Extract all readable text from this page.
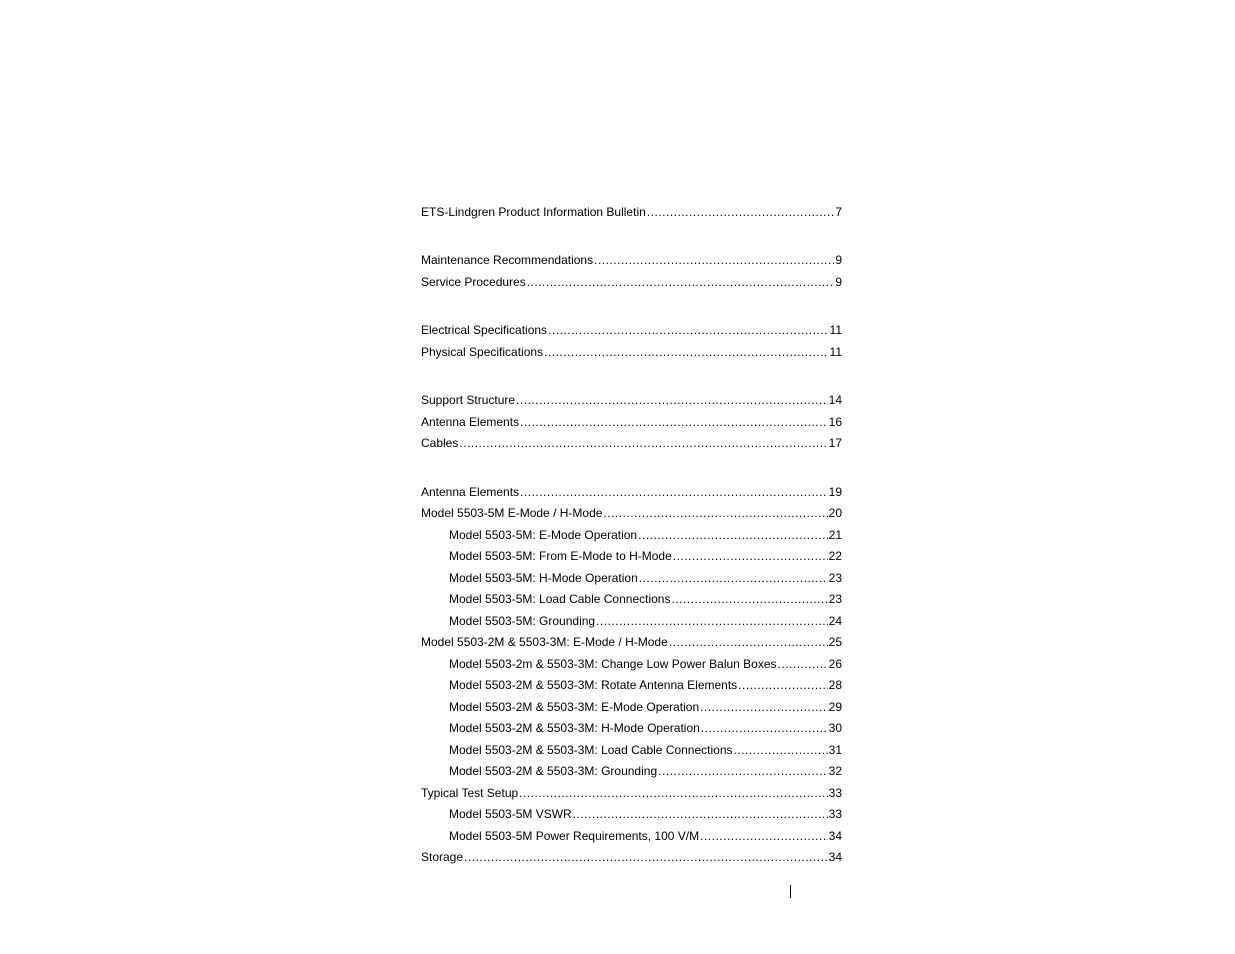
ETS-Lindgren Product Information Bulletin .....	7
Maintenance Recommendations .....	9
Service Procedures .....	9
Electrical Specifications .....	11
Physical Specifications .....	11
Support Structure .....	14
Antenna Elements .....	16
Cables .....	17
Antenna Elements .....	19
Model 5503-5M E-Mode / H-Mode .....	20
Model 5503-5M: E-Mode Operation .....	21
Model 5503-5M: From E-Mode to H-Mode .....	22
Model 5503-5M: H-Mode Operation .....	23
Model 5503-5M: Load Cable Connections .....	23
Model 5503-5M: Grounding .....	24
Model 5503-2M & 5503-3M: E-Mode / H-Mode .....	25
Model 5503-2m & 5503-3M: Change Low Power Balun Boxes .....	26
Model 5503-2M & 5503-3M: Rotate Antenna Elements .....	28
Model 5503-2M & 5503-3M: E-Mode Operation .....	29
Model 5503-2M & 5503-3M: H-Mode Operation .....	30
Model 5503-2M & 5503-3M: Load Cable Connections .....	31
Model 5503-2M & 5503-3M: Grounding .....	32
Typical Test Setup .....	33
Model 5503-5M VSWR .....	33
Model 5503-5M Power Requirements, 100 V/M .....	34
Storage .....	34
